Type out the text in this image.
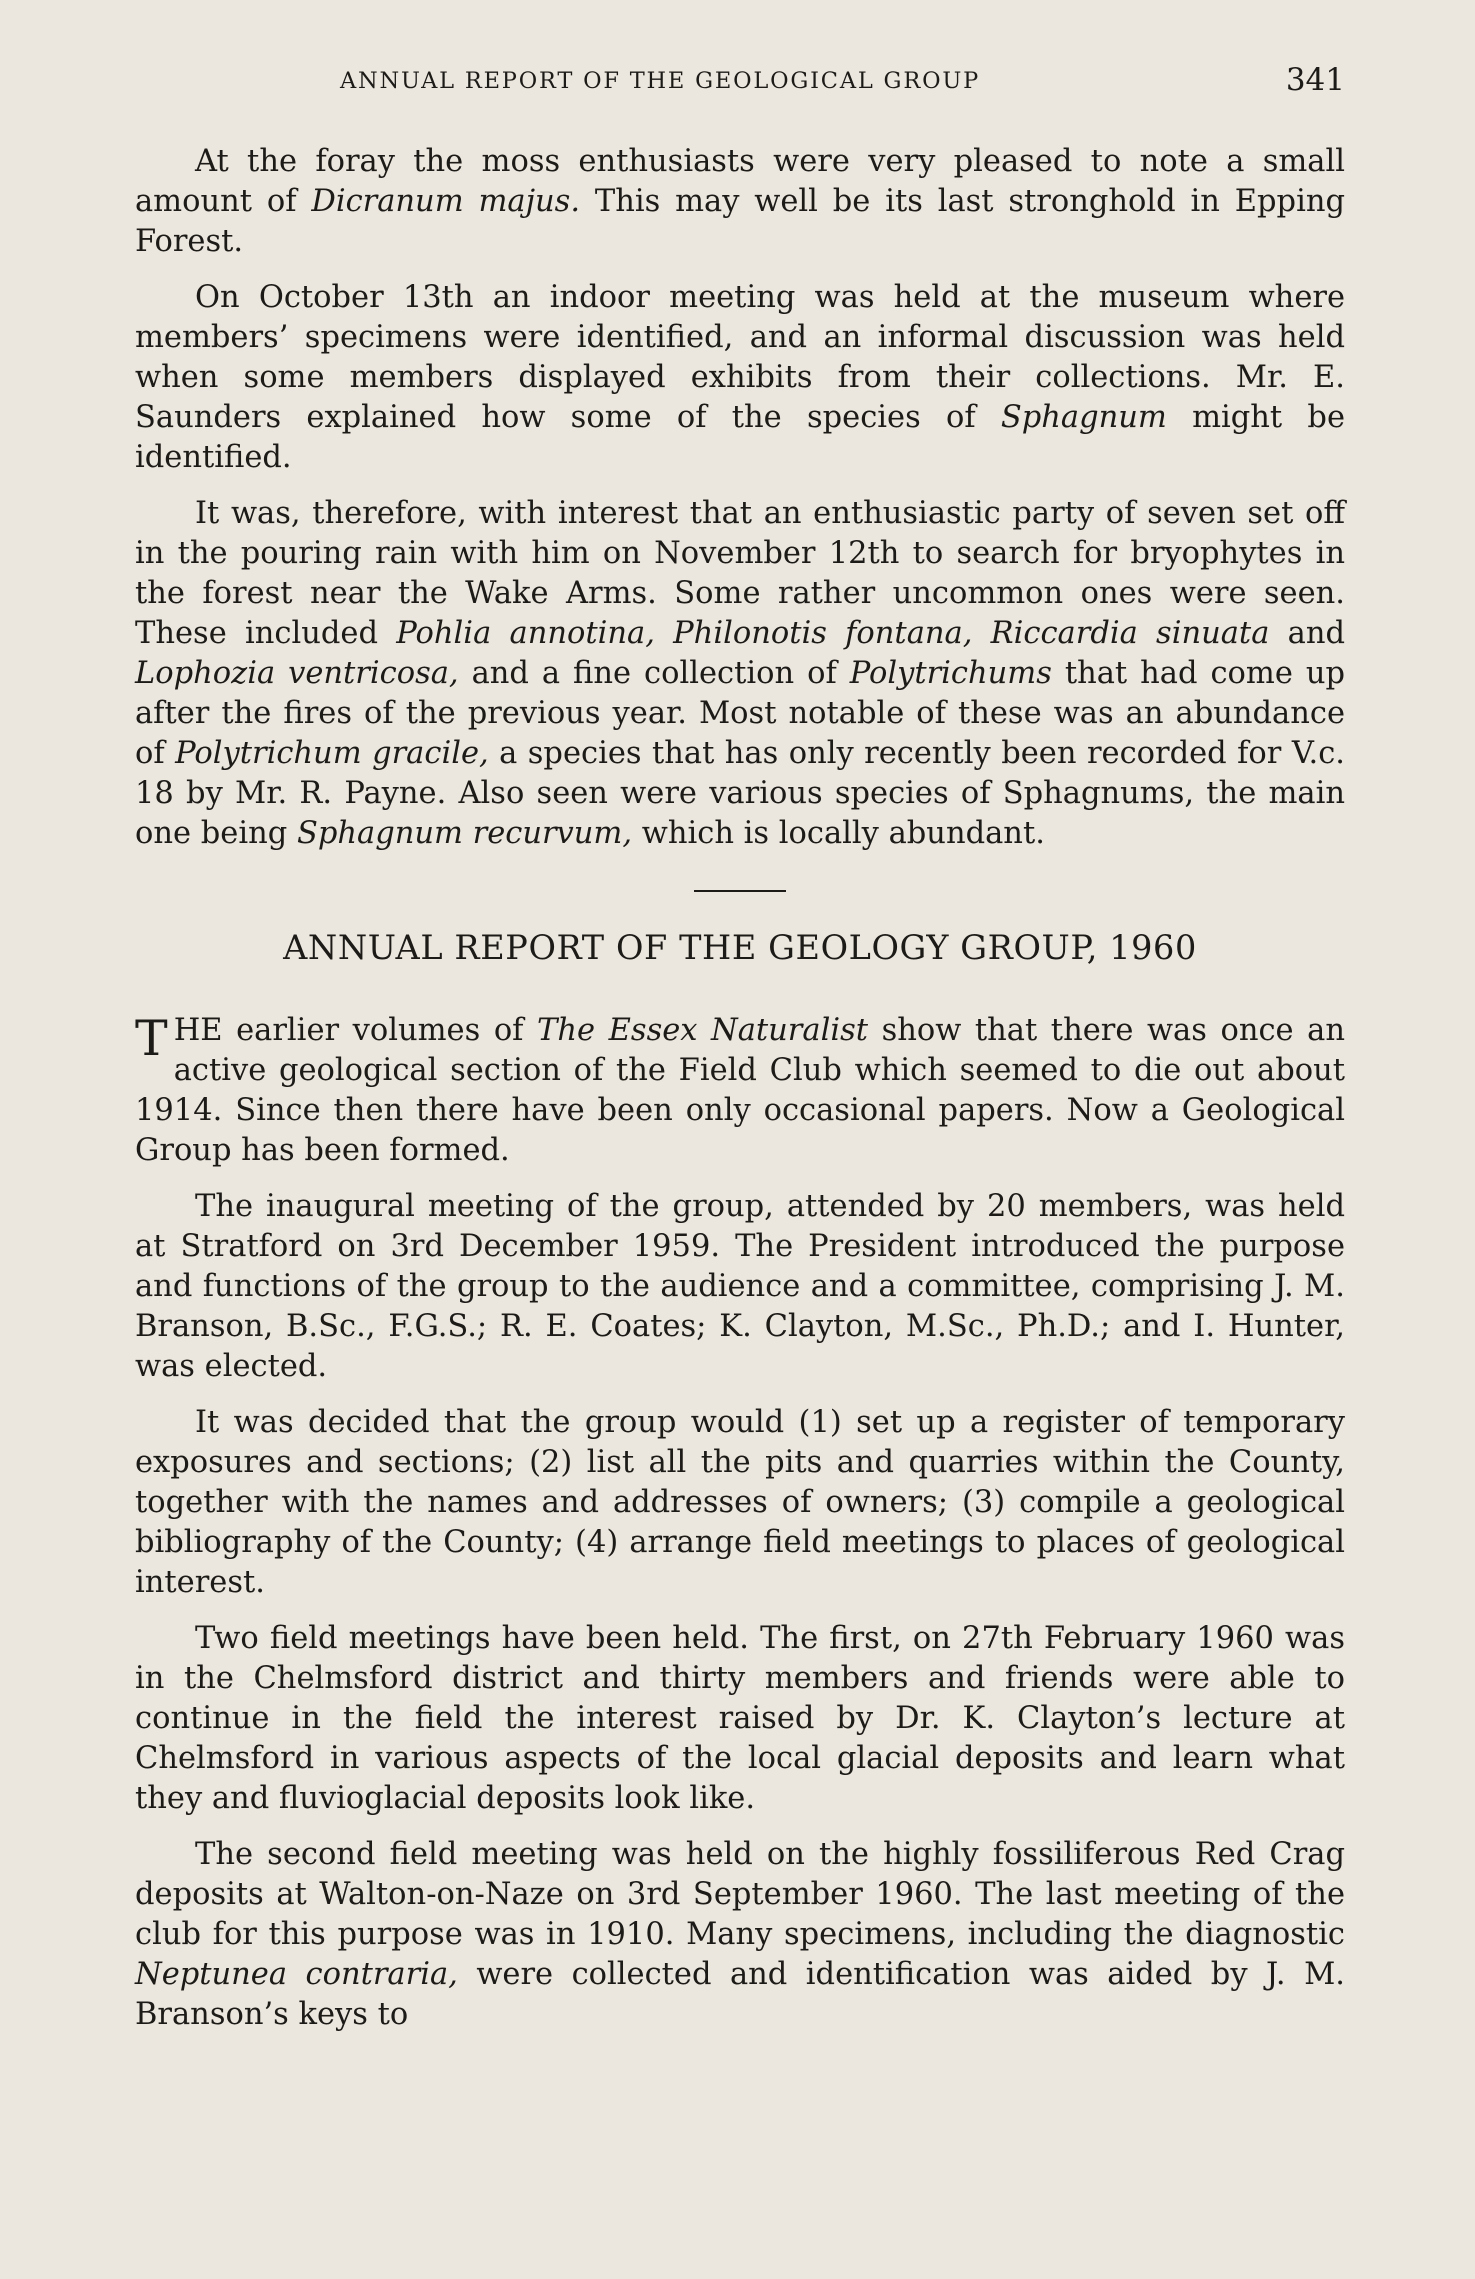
ANNUAL REPORT OF THE GEOLOGICAL GROUP	341

At the foray the moss enthusiasts were very pleased to note a small amount of Dicranum majus. This may well be its last stronghold in Epping Forest.

On October 13th an indoor meeting was held at the museum where members’ specimens were identified, and an informal discussion was held when some members displayed exhibits from their collections. Mr. E. Saunders explained how some of the species of Sphagnum might be identified.

It was, therefore, with interest that an enthusiastic party of seven set off in the pouring rain with him on November 12th to search for bryophytes in the forest near the Wake Arms. Some rather uncommon ones were seen. These included Pohlia annotina, Philonotis fontana, Riccardia sinuata and Lophozia ventricosa, and a fine collection of Polytrichums that had come up after the fires of the previous year. Most notable of these was an abundance of Polytrichum gracile, a species that has only recently been recorded for V.c. 18 by Mr. R. Payne. Also seen were various species of Sphagnums, the main one being Sphagnum recurvum, which is locally abundant.

ANNUAL REPORT OF THE GEOLOGY GROUP, 1960

THE earlier volumes of The Essex Naturalist show that there was once an active geological section of the Field Club which seemed to die out about 1914. Since then there have been only occasional papers. Now a Geological Group has been formed.

The inaugural meeting of the group, attended by 20 members, was held at Stratford on 3rd December 1959. The President introduced the purpose and functions of the group to the audience and a committee, comprising J. M. Branson, B.Sc., F.G.S.; R. E. Coates; K. Clayton, M.Sc., Ph.D.; and I. Hunter, was elected.

It was decided that the group would (1) set up a register of temporary exposures and sections; (2) list all the pits and quarries within the County, together with the names and addresses of owners; (3) compile a geological bibliography of the County; (4) arrange field meetings to places of geological interest.

Two field meetings have been held. The first, on 27th February 1960 was in the Chelmsford district and thirty members and friends were able to continue in the field the interest raised by Dr. K. Clayton’s lecture at Chelmsford in various aspects of the local glacial deposits and learn what they and fluvioglacial deposits look like.

The second field meeting was held on the highly fossiliferous Red Crag deposits at Walton-on-Naze on 3rd September 1960. The last meeting of the club for this purpose was in 1910. Many specimens, including the diagnostic Neptunea contraria, were collected and identification was aided by J. M. Branson’s keys to
